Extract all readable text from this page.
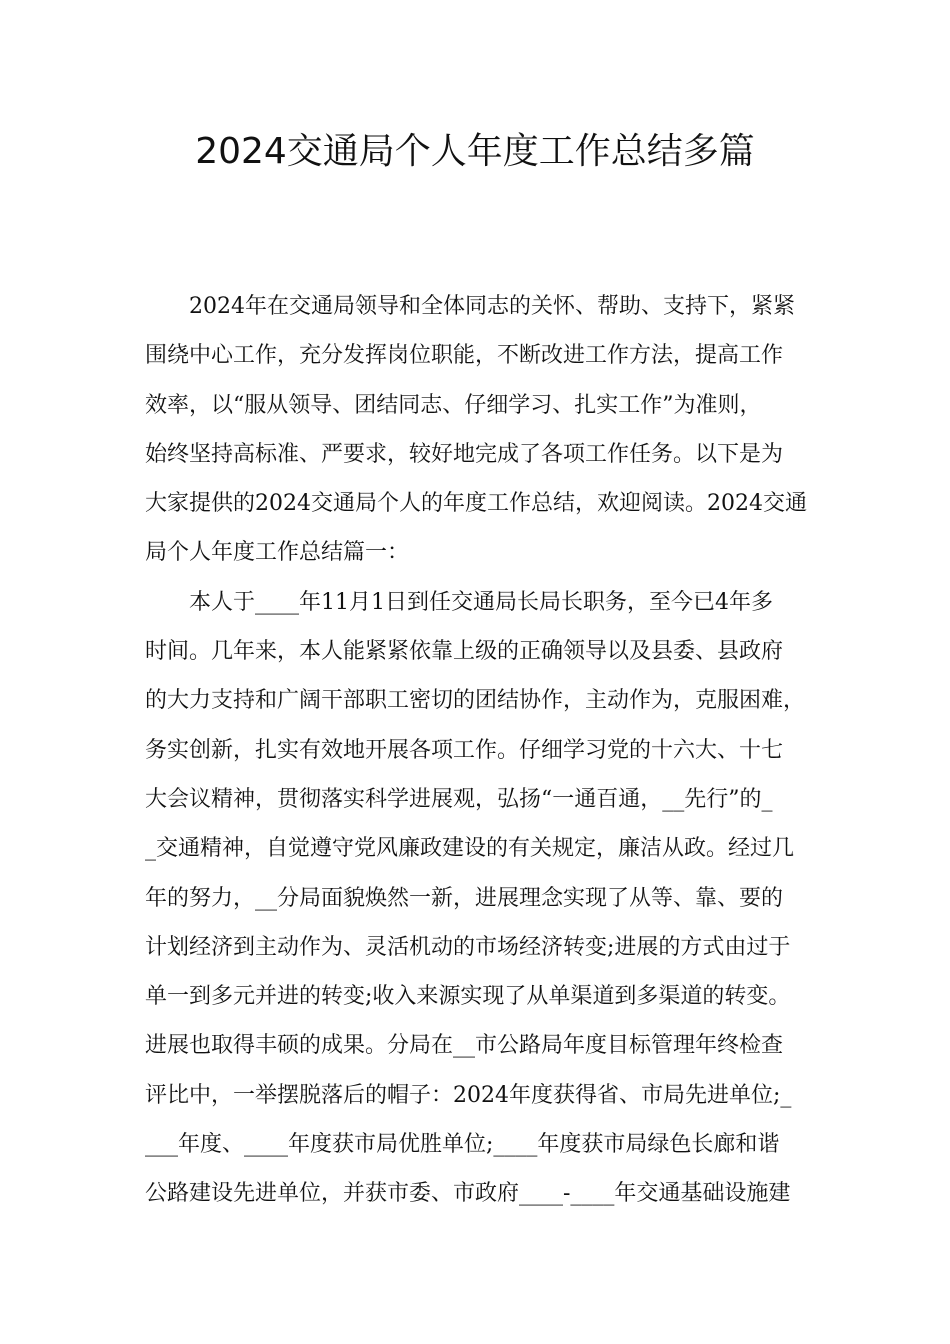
2024交通局个人年度工作总结多篇
2024年在交通局领导和全体同志的关怀、帮助、支持下，紧紧
围绕中心工作，充分发挥岗位职能，不断改进工作方法，提高工作
效率，以“服从领导、团结同志、仔细学习、扎实工作”为准则，
始终坚持高标准、严要求，较好地完成了各项工作任务。以下是为
大家提供的2024交通局个人的年度工作总结，欢迎阅读。2024交通
局个人年度工作总结篇一：
本人于____年11月1日到任交通局长局长职务，至今已4年多
时间。几年来，本人能紧紧依靠上级的正确领导以及县委、县政府
的大力支持和广阔干部职工密切的团结协作，主动作为，克服困难，
务实创新，扎实有效地开展各项工作。仔细学习党的十六大、十七
大会议精神，贯彻落实科学进展观，弘扬“一通百通，__先行”的_
_交通精神，自觉遵守党风廉政建设的有关规定，廉洁从政。经过几
年的努力，__分局面貌焕然一新，进展理念实现了从等、靠、要的
计划经济到主动作为、灵活机动的市场经济转变;进展的方式由过于
单一到多元并进的转变;收入来源实现了从单渠道到多渠道的转变。
进展也取得丰硕的成果。分局在__市公路局年度目标管理年终检查
评比中，一举摆脱落后的帽子：2024年度获得省、市局先进单位;_
___年度、____年度获市局优胜单位;____年度获市局绿色长廊和谐
公路建设先进单位，并获市委、市政府____-____年交通基础设施建
